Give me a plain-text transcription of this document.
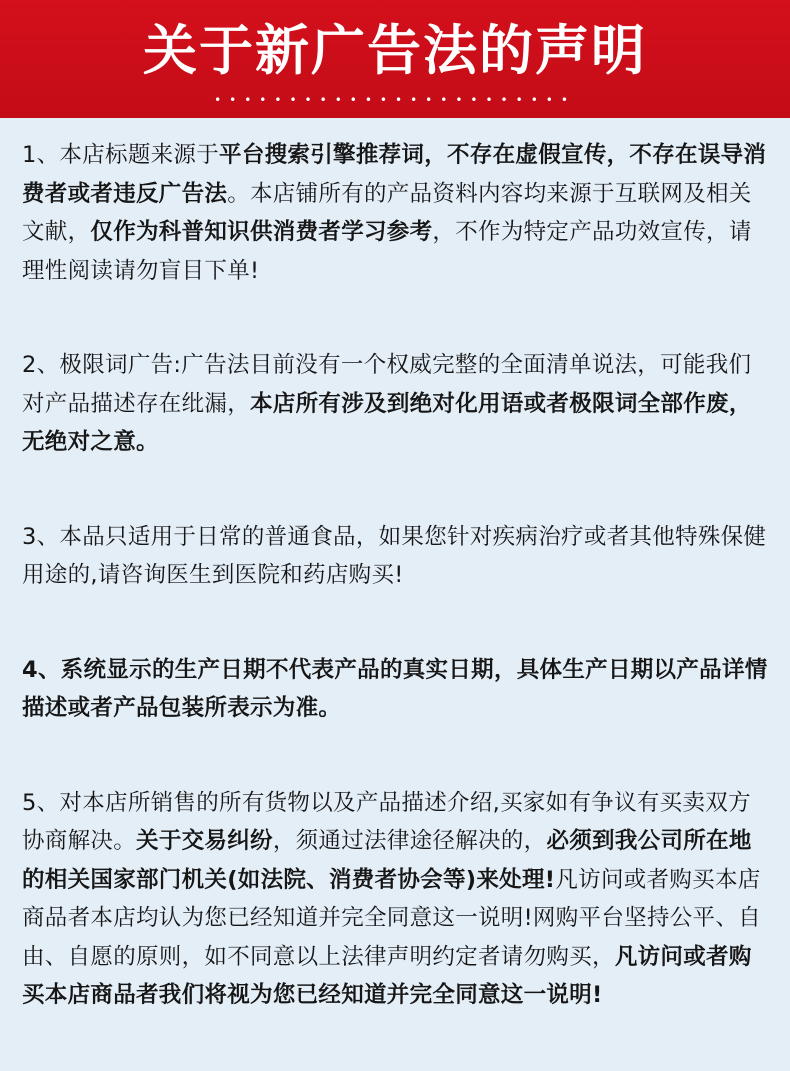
关于新广告法的声明
••••••••••••••••••••••••

1、本店标题来源于平台搜索引擎推荐词，不存在虚假宣传，不存在误导消费者或者违反广告法。本店铺所有的产品资料内容均来源于互联网及相关文献，仅作为科普知识供消费者学习参考，不作为特定产品功效宣传，请理性阅读请勿盲目下单!

2、极限词广告:广告法目前没有一个权威完整的全面清单说法，可能我们对产品描述存在纰漏，本店所有涉及到绝对化用语或者极限词全部作废，无绝对之意。

3、本品只适用于日常的普通食品，如果您针对疾病治疗或者其他特殊保健用途的,请咨询医生到医院和药店购买!

4、系统显示的生产日期不代表产品的真实日期，具体生产日期以产品详情描述或者产品包装所表示为准。

5、对本店所销售的所有货物以及产品描述介绍,买家如有争议有买卖双方协商解决。关于交易纠纷，须通过法律途径解决的，必须到我公司所在地的相关国家部门机关(如法院、消费者协会等)来处理!凡访问或者购买本店商品者本店均认为您已经知道并完全同意这一说明!网购平台坚持公平、自由、自愿的原则，如不同意以上法律声明约定者请勿购买，凡访问或者购买本店商品者我们将视为您已经知道并完全同意这一说明!
